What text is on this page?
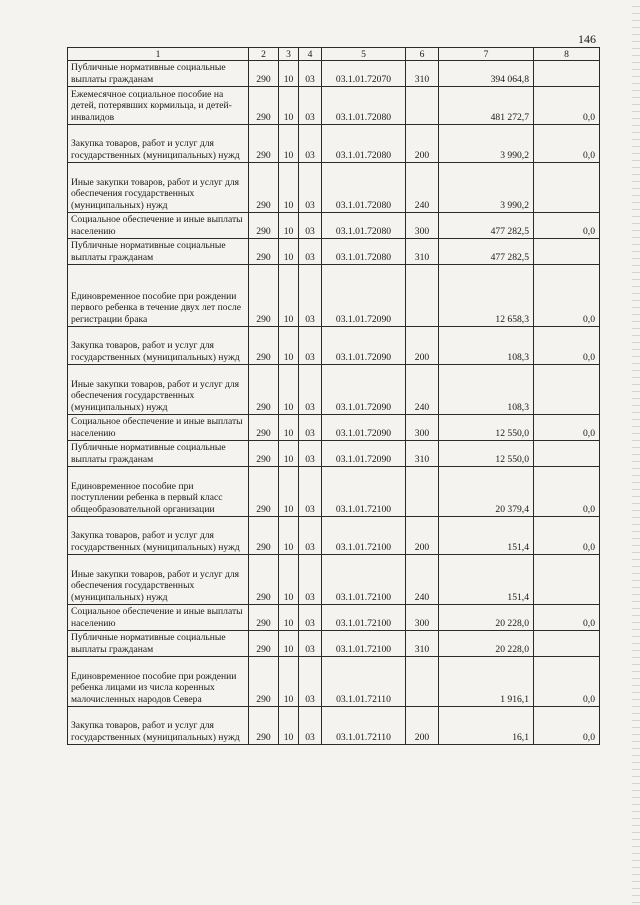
146
1	2	3	4	5	6	7	8
Публичные нормативные социальные выплаты гражданам	290	10	03	03.1.01.72070	310	394 064,8	
Ежемесячное социальное пособие на детей, потерявших кормильца, и детей-инвалидов	290	10	03	03.1.01.72080		481 272,7	0,0
Закупка товаров, работ и услуг для государственных (муниципальных) нужд	290	10	03	03.1.01.72080	200	3 990,2	0,0
Иные закупки товаров, работ и услуг для обеспечения государственных (муниципальных) нужд	290	10	03	03.1.01.72080	240	3 990,2	
Социальное обеспечение и иные выплаты населению	290	10	03	03.1.01.72080	300	477 282,5	0,0
Публичные нормативные социальные выплаты гражданам	290	10	03	03.1.01.72080	310	477 282,5	
Единовременное пособие при рождении первого ребенка в течение двух лет после регистрации брака	290	10	03	03.1.01.72090		12 658,3	0,0
Закупка товаров, работ и услуг для государственных (муниципальных) нужд	290	10	03	03.1.01.72090	200	108,3	0,0
Иные закупки товаров, работ и услуг для обеспечения государственных (муниципальных) нужд	290	10	03	03.1.01.72090	240	108,3	
Социальное обеспечение и иные выплаты населению	290	10	03	03.1.01.72090	300	12 550,0	0,0
Публичные нормативные социальные выплаты гражданам	290	10	03	03.1.01.72090	310	12 550,0	
Единовременное пособие при поступлении ребенка в первый класс общеобразовательной организации	290	10	03	03.1.01.72100		20 379,4	0,0
Закупка товаров, работ и услуг для государственных (муниципальных) нужд	290	10	03	03.1.01.72100	200	151,4	0,0
Иные закупки товаров, работ и услуг для обеспечения государственных (муниципальных) нужд	290	10	03	03.1.01.72100	240	151,4	
Социальное обеспечение и иные выплаты населению	290	10	03	03.1.01.72100	300	20 228,0	0,0
Публичные нормативные социальные выплаты гражданам	290	10	03	03.1.01.72100	310	20 228,0	
Единовременное пособие при рождении ребенка лицами из числа коренных малочисленных народов Севера	290	10	03	03.1.01.72110		1 916,1	0,0
Закупка товаров, работ и услуг для государственных (муниципальных) нужд	290	10	03	03.1.01.72110	200	16,1	0,0
